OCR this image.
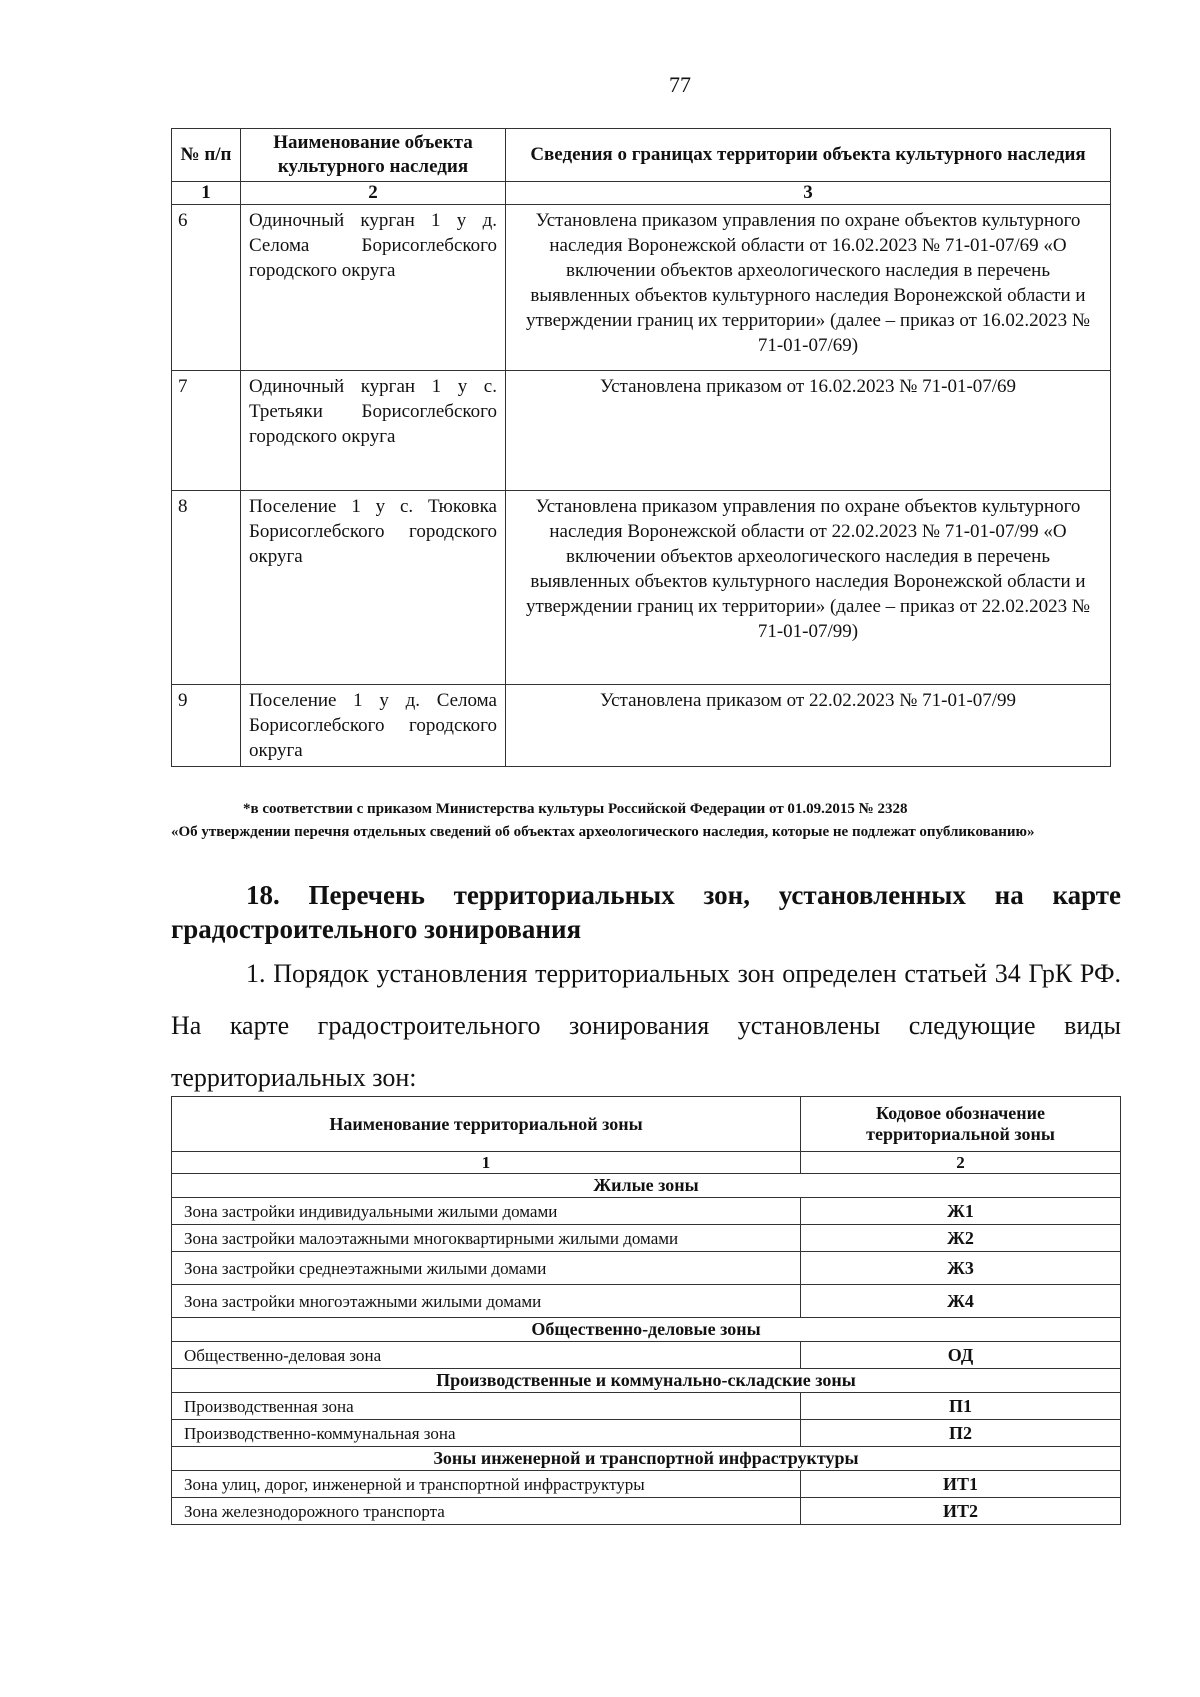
77
№ п/п	Наименование объекта культурного наследия	Сведения о границах территории объекта культурного наследия
1	2	3
6	Одиночный курган 1 у д. Селома Борисоглебского городского округа	Установлена приказом управления по охране объектов культурного наследия Воронежской области от 16.02.2023 № 71-01-07/69 «О включении объектов археологического наследия в перечень выявленных объектов культурного наследия Воронежской области и утверждении границ их территории» (далее – приказ от 16.02.2023 № 71-01-07/69)
7	Одиночный курган 1 у с. Третьяки Борисоглебского городского округа	Установлена приказом от 16.02.2023 № 71-01-07/69
8	Поселение 1 у с. Тюковка Борисоглебского городского округа	Установлена приказом управления по охране объектов культурного наследия Воронежской области от 22.02.2023 № 71-01-07/99 «О включении объектов археологического наследия в перечень выявленных объектов культурного наследия Воронежской области и утверждении границ их территории» (далее – приказ от 22.02.2023 № 71-01-07/99)
9	Поселение 1 у д. Селома Борисоглебского городского округа	Установлена приказом от 22.02.2023 № 71-01-07/99
*в соответствии с приказом Министерства культуры Российской Федерации от 01.09.2015 № 2328
«Об утверждении перечня отдельных сведений об объектах археологического наследия, которые не подлежат опубликованию»
18. Перечень территориальных зон, установленных на карте градостроительного зонирования
1. Порядок установления территориальных зон определен статьей 34 ГрК РФ. На карте градостроительного зонирования установлены следующие виды территориальных зон:
Наименование территориальной зоны	Кодовое обозначение территориальной зоны
1	2
Жилые зоны	
Зона застройки индивидуальными жилыми домами	Ж1
Зона застройки малоэтажными многоквартирными жилыми домами	Ж2
Зона застройки среднеэтажными жилыми домами	Ж3
Зона застройки многоэтажными жилыми домами	Ж4
Общественно-деловые зоны	
Общественно-деловая зона	ОД
Производственные и коммунально-складские зоны	
Производственная зона	П1
Производственно-коммунальная зона	П2
Зоны инженерной и транспортной инфраструктуры	
Зона улиц, дорог, инженерной и транспортной инфраструктуры	ИТ1
Зона железнодорожного транспорта	ИТ2
